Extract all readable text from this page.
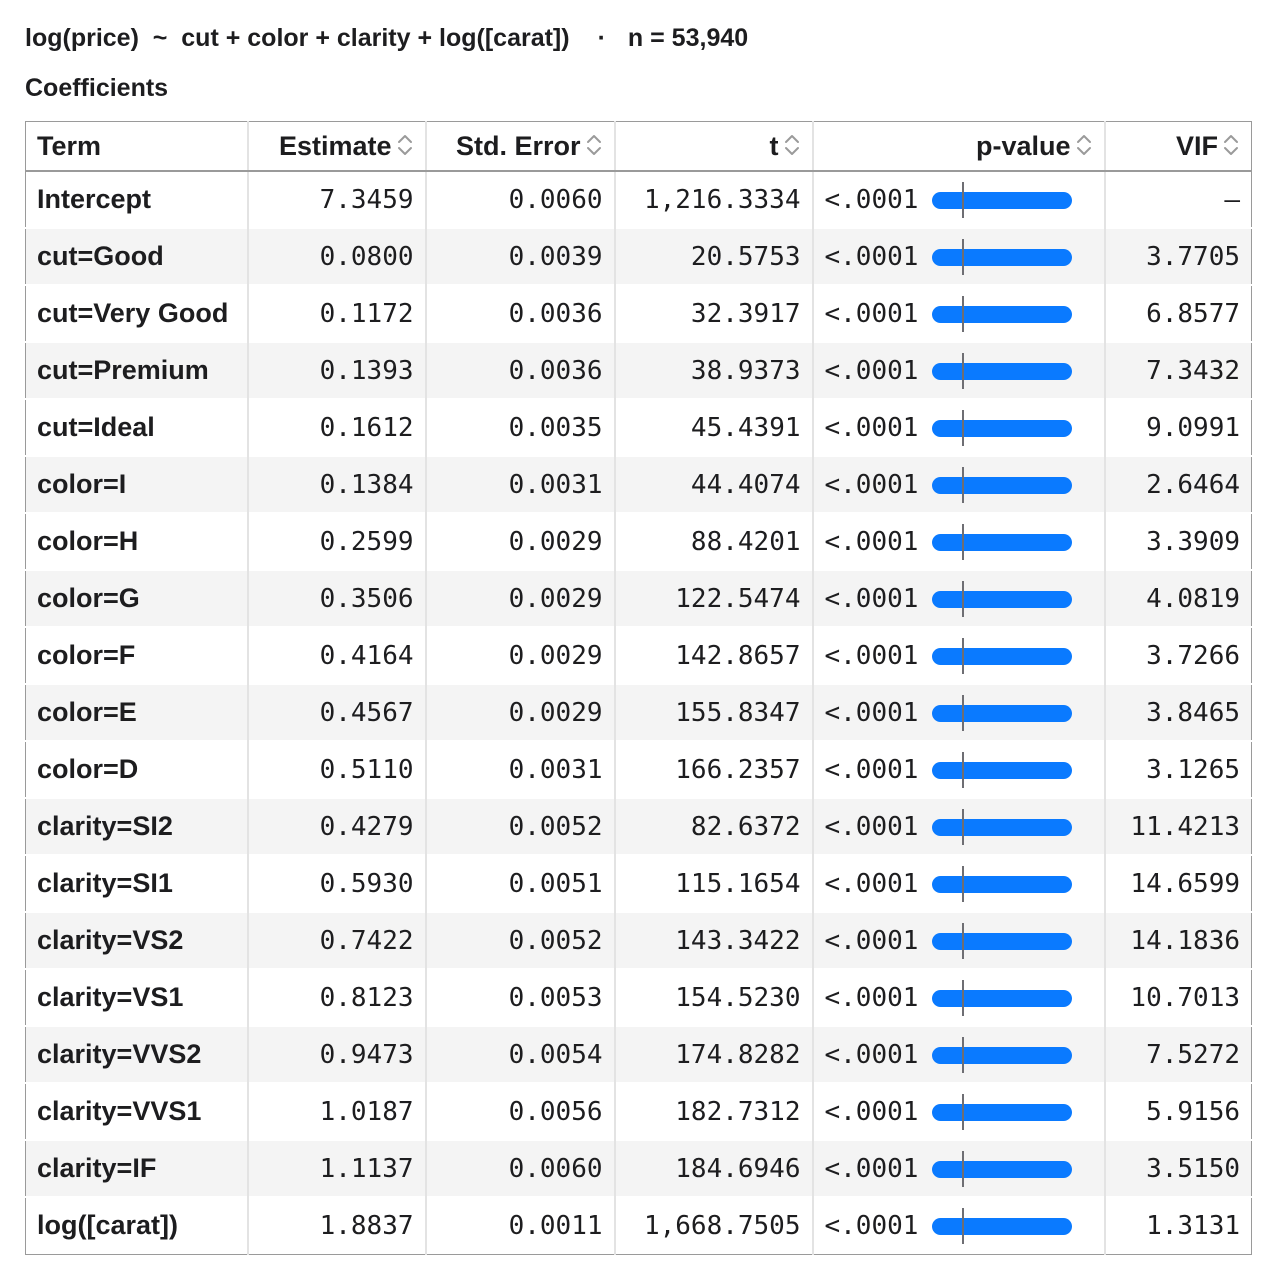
log(price)  ~  cut + color + clarity + log([carat]) · n = 53,940
Coefficients
Term	Estimate	Std. Error	t	p-value	VIF
Intercept	7.3459	0.0060	1,216.3334	<.0001	—
cut=Good	0.0800	0.0039	20.5753	<.0001	3.7705
cut=Very Good	0.1172	0.0036	32.3917	<.0001	6.8577
cut=Premium	0.1393	0.0036	38.9373	<.0001	7.3432
cut=Ideal	0.1612	0.0035	45.4391	<.0001	9.0991
color=I	0.1384	0.0031	44.4074	<.0001	2.6464
color=H	0.2599	0.0029	88.4201	<.0001	3.3909
color=G	0.3506	0.0029	122.5474	<.0001	4.0819
color=F	0.4164	0.0029	142.8657	<.0001	3.7266
color=E	0.4567	0.0029	155.8347	<.0001	3.8465
color=D	0.5110	0.0031	166.2357	<.0001	3.1265
clarity=SI2	0.4279	0.0052	82.6372	<.0001	11.4213
clarity=SI1	0.5930	0.0051	115.1654	<.0001	14.6599
clarity=VS2	0.7422	0.0052	143.3422	<.0001	14.1836
clarity=VS1	0.8123	0.0053	154.5230	<.0001	10.7013
clarity=VVS2	0.9473	0.0054	174.8282	<.0001	7.5272
clarity=VVS1	1.0187	0.0056	182.7312	<.0001	5.9156
clarity=IF	1.1137	0.0060	184.6946	<.0001	3.5150
log([carat])	1.8837	0.0011	1,668.7505	<.0001	1.3131
